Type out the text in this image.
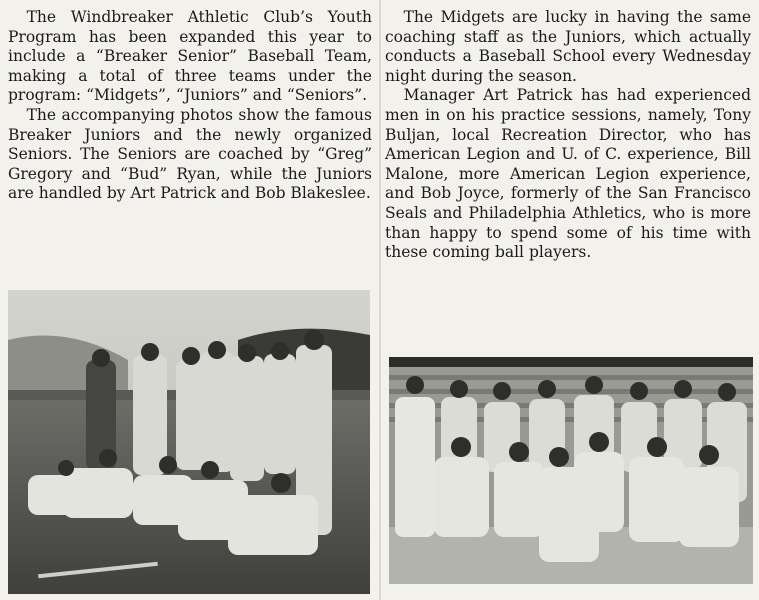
The Windbreaker Athletic Club’s Youth Program has been expanded this year to include a “Breaker Senior” Baseball Team, making a total of three teams under the program: “Midgets”, “Juniors” and “Seniors”.

The accompanying photos show the famous Breaker Juniors and the newly organized Seniors. The Seniors are coached by “Greg” Gregory and “Bud” Ryan, while the Juniors are handled by Art Patrick and Bob Blakeslee.

The Midgets are lucky in having the same coaching staff as the Juniors, which actually conducts a Baseball School every Wednesday night during the season.

Manager Art Patrick has had experienced men in on his practice sessions, namely, Tony Buljan, local Recreation Director, who has American Legion and U. of C. experience, Bill Malone, more American Legion experience, and Bob Joyce, formerly of the San Francisco Seals and Philadelphia Athletics, who is more than happy to spend some of his time with these coming ball players.
